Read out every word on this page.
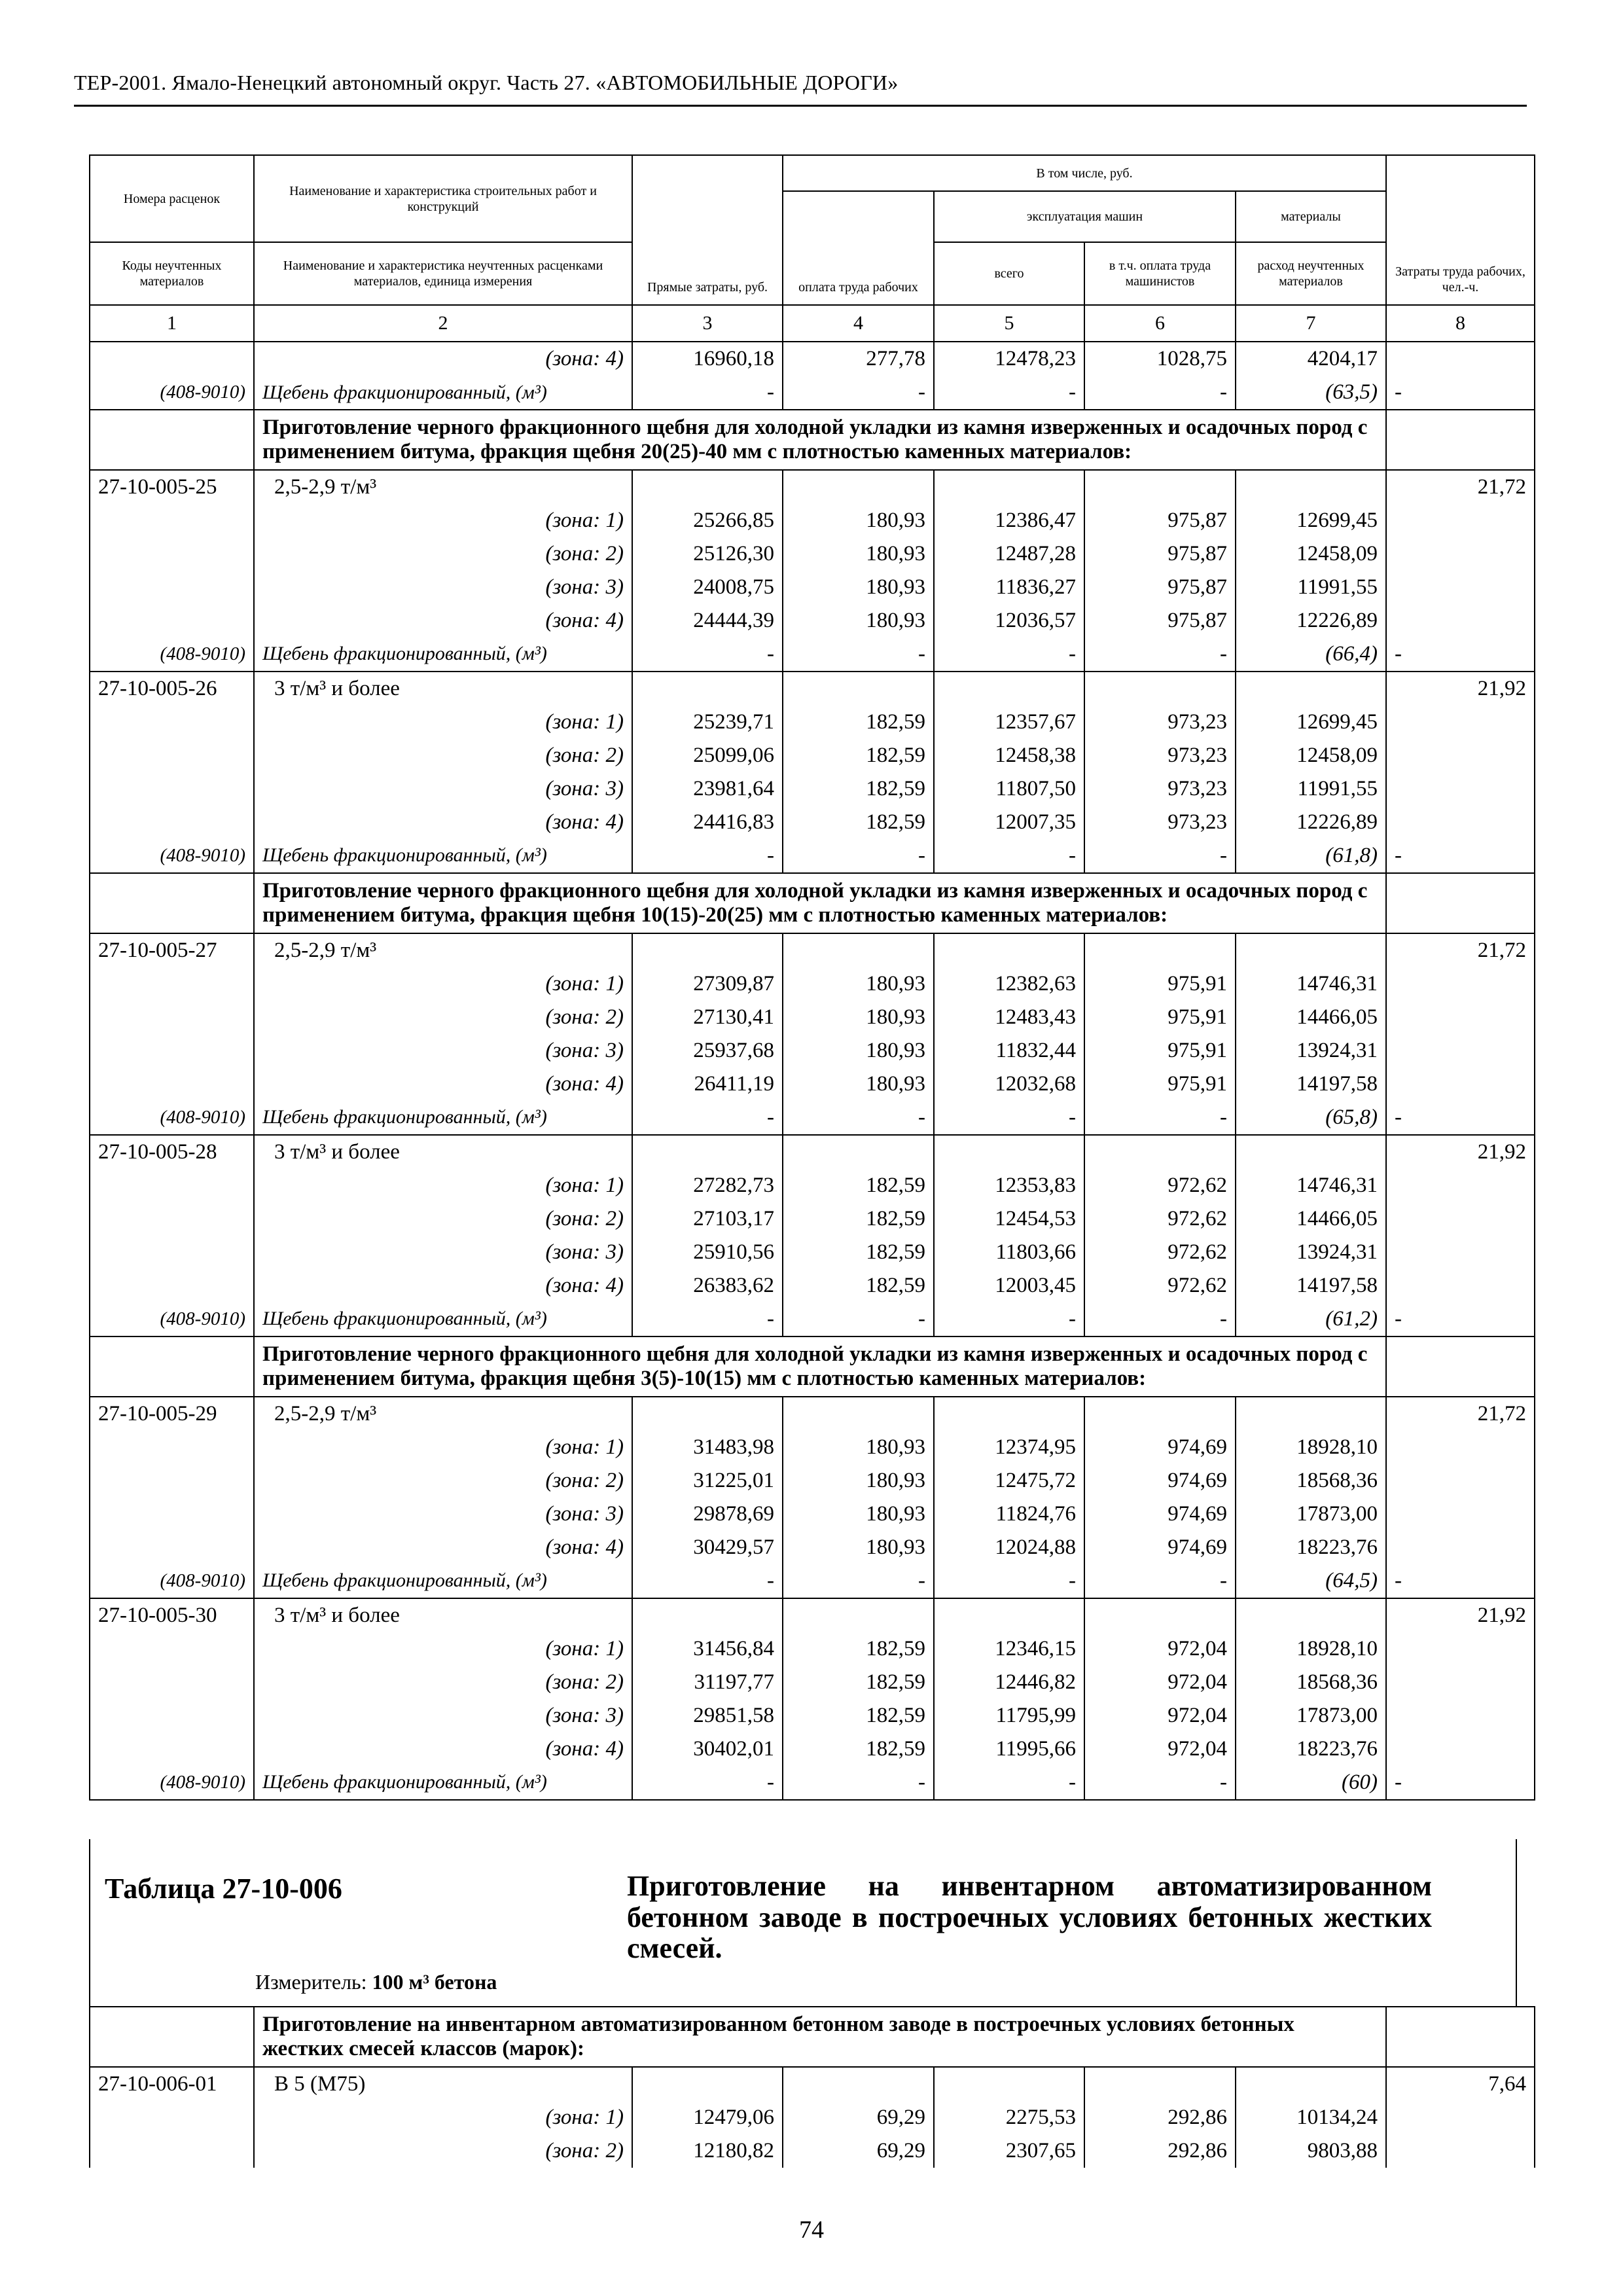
ТЕР-2001. Ямало-Ненецкий автономный округ. Часть 27. «АВТОМОБИЛЬНЫЕ ДОРОГИ»
Номера расценок	Наименование и характеристика строительных работ и конструкций	Прямые затраты, руб.	В том числе, руб.				Затраты труда рабочих, чел.-ч.
			оплата труда рабочих	эксплуатация машин		материалы	
Коды неучтенных материалов	Наименование и характеристика неучтенных расценками материалов, единица измерения			всего	в т.ч. оплата труда машинистов	расход неучтенных материалов	
1	2	3	4	5	6	7	8
	(зона: 4)	16960,18	277,78	12478,23	1028,75	4204,17	
(408-9010)	Щебень фракционированный, (м³)	-	-	-	-	(63,5)	-
	Приготовление черного фракционного щебня для холодной укладки из камня изверженных и осадочных пород с применением битума, фракция щебня 20(25)-40 мм с плотностью каменных материалов:						
27-10-005-25	2,5-2,9 т/м³						21,72
	(зона: 1)	25266,85	180,93	12386,47	975,87	12699,45	
	(зона: 2)	25126,30	180,93	12487,28	975,87	12458,09	
	(зона: 3)	24008,75	180,93	11836,27	975,87	11991,55	
	(зона: 4)	24444,39	180,93	12036,57	975,87	12226,89	
(408-9010)	Щебень фракционированный, (м³)	-	-	-	-	(66,4)	-
27-10-005-26	3 т/м³ и более						21,92
	(зона: 1)	25239,71	182,59	12357,67	973,23	12699,45	
	(зона: 2)	25099,06	182,59	12458,38	973,23	12458,09	
	(зона: 3)	23981,64	182,59	11807,50	973,23	11991,55	
	(зона: 4)	24416,83	182,59	12007,35	973,23	12226,89	
(408-9010)	Щебень фракционированный, (м³)	-	-	-	-	(61,8)	-
	Приготовление черного фракционного щебня для холодной укладки из камня изверженных и осадочных пород с применением битума, фракция щебня 10(15)-20(25) мм с плотностью каменных материалов:						
27-10-005-27	2,5-2,9 т/м³						21,72
	(зона: 1)	27309,87	180,93	12382,63	975,91	14746,31	
	(зона: 2)	27130,41	180,93	12483,43	975,91	14466,05	
	(зона: 3)	25937,68	180,93	11832,44	975,91	13924,31	
	(зона: 4)	26411,19	180,93	12032,68	975,91	14197,58	
(408-9010)	Щебень фракционированный, (м³)	-	-	-	-	(65,8)	-
27-10-005-28	3 т/м³ и более						21,92
	(зона: 1)	27282,73	182,59	12353,83	972,62	14746,31	
	(зона: 2)	27103,17	182,59	12454,53	972,62	14466,05	
	(зона: 3)	25910,56	182,59	11803,66	972,62	13924,31	
	(зона: 4)	26383,62	182,59	12003,45	972,62	14197,58	
(408-9010)	Щебень фракционированный, (м³)	-	-	-	-	(61,2)	-
	Приготовление черного фракционного щебня для холодной укладки из камня изверженных и осадочных пород с применением битума, фракция щебня 3(5)-10(15) мм с плотностью каменных материалов:						
27-10-005-29	2,5-2,9 т/м³						21,72
	(зона: 1)	31483,98	180,93	12374,95	974,69	18928,10	
	(зона: 2)	31225,01	180,93	12475,72	974,69	18568,36	
	(зона: 3)	29878,69	180,93	11824,76	974,69	17873,00	
	(зона: 4)	30429,57	180,93	12024,88	974,69	18223,76	
(408-9010)	Щебень фракционированный, (м³)	-	-	-	-	(64,5)	-
27-10-005-30	3 т/м³ и более						21,92
	(зона: 1)	31456,84	182,59	12346,15	972,04	18928,10	
	(зона: 2)	31197,77	182,59	12446,82	972,04	18568,36	
	(зона: 3)	29851,58	182,59	11795,99	972,04	17873,00	
	(зона: 4)	30402,01	182,59	11995,66	972,04	18223,76	
(408-9010)	Щебень фракционированный, (м³)	-	-	-	-	(60)	-
Таблица 27-10-006	Приготовление на инвентарном автоматизированном бетонном заводе в построечных условиях бетонных жестких смесей.
Измеритель: 100 м³ бетона
	Приготовление на инвентарном автоматизированном бетонном заводе в построечных условиях бетонных жестких смесей классов (марок):						
27-10-006-01	В 5 (М75)						7,64
	(зона: 1)	12479,06	69,29	2275,53	292,86	10134,24	
	(зона: 2)	12180,82	69,29	2307,65	292,86	9803,88	
74
